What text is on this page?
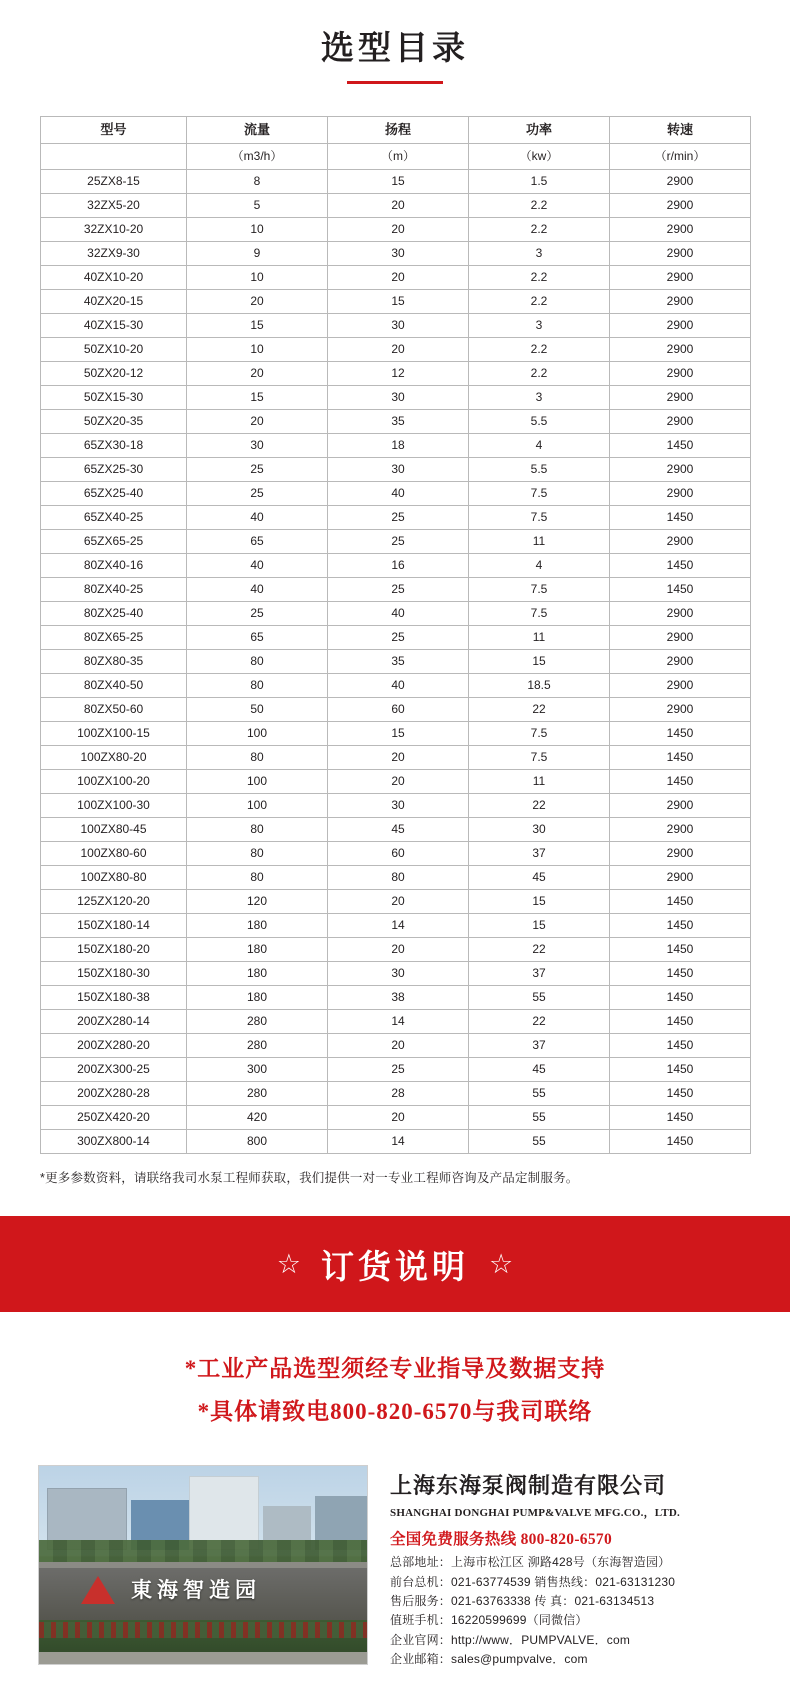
选型目录
型号	流量	扬程	功率	转速
	（m3/h）	（m）	（kw）	（r/min）
25ZX8-15	8	15	1.5	2900
32ZX5-20	5	20	2.2	2900
32ZX10-20	10	20	2.2	2900
32ZX9-30	9	30	3	2900
40ZX10-20	10	20	2.2	2900
40ZX20-15	20	15	2.2	2900
40ZX15-30	15	30	3	2900
50ZX10-20	10	20	2.2	2900
50ZX20-12	20	12	2.2	2900
50ZX15-30	15	30	3	2900
50ZX20-35	20	35	5.5	2900
65ZX30-18	30	18	4	1450
65ZX25-30	25	30	5.5	2900
65ZX25-40	25	40	7.5	2900
65ZX40-25	40	25	7.5	1450
65ZX65-25	65	25	11	2900
80ZX40-16	40	16	4	1450
80ZX40-25	40	25	7.5	1450
80ZX25-40	25	40	7.5	2900
80ZX65-25	65	25	11	2900
80ZX80-35	80	35	15	2900
80ZX40-50	80	40	18.5	2900
80ZX50-60	50	60	22	2900
100ZX100-15	100	15	7.5	1450
100ZX80-20	80	20	7.5	1450
100ZX100-20	100	20	11	1450
100ZX100-30	100	30	22	2900
100ZX80-45	80	45	30	2900
100ZX80-60	80	60	37	2900
100ZX80-80	80	80	45	2900
125ZX120-20	120	20	15	1450
150ZX180-14	180	14	15	1450
150ZX180-20	180	20	22	1450
150ZX180-30	180	30	37	1450
150ZX180-38	180	38	55	1450
200ZX280-14	280	14	22	1450
200ZX280-20	280	20	37	1450
200ZX300-25	300	25	45	1450
200ZX280-28	280	28	55	1450
250ZX420-20	420	20	55	1450
300ZX800-14	800	14	55	1450
*更多参数资料，请联络我司水泵工程师获取，我们提供一对一专业工程师咨询及产品定制服务。
☆ 订货说明 ☆
*工业产品选型须经专业指导及数据支持
*具体请致电800-820-6570与我司联络
東海智造园
上海东海泵阀制造有限公司
SHANGHAI DONGHAI PUMP&VALVE MFG.CO.，LTD.
全国免费服务热线 800-820-6570
总部地址：上海市松江区 泖路428号（东海智造园）
前台总机：021-63774539 销售热线：021-63131230
售后服务：021-63763338 传 真：021-63134513
值班手机：16220599699（同微信）
企业官网：http://www．PUMPVALVE．com
企业邮箱：sales@pumpvalve．com
